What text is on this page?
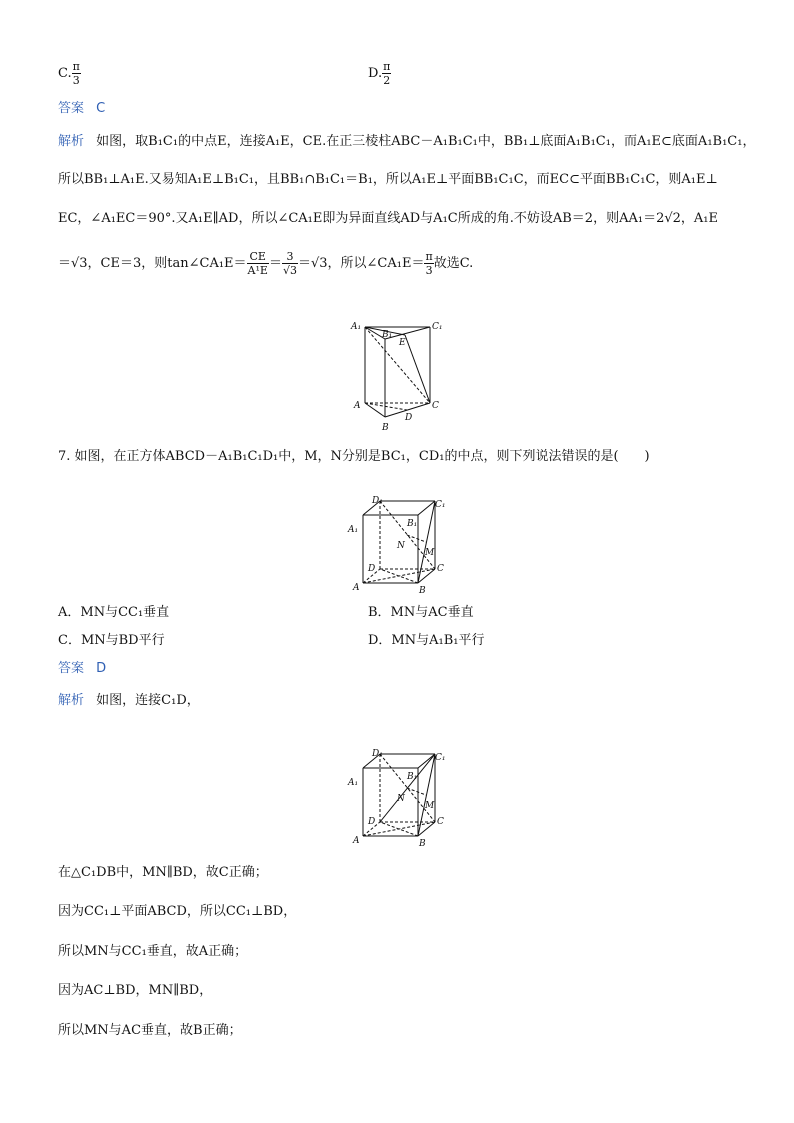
C. $\frac{\pi}{3}$	D. $\frac{\pi}{2}$
答案 C
解析 如图，取B₁C₁的中点E，连接A₁E，CE.在正三棱柱ABC－A₁B₁C₁中，BB₁⊥底面A₁B₁C₁，而A₁E⊂底面A₁B₁C₁，
所以BB₁⊥A₁E.又易知A₁E⊥B₁C₁，且BB₁∩B₁C₁＝B₁，所以A₁E⊥平面BB₁C₁C，而EC⊂平面BB₁C₁C，则A₁E⊥
EC，∠A₁EC＝90°.又A₁E∥AD，所以∠CA₁E即为异面直线AD与A₁C所成的角.不妨设AB＝2，则AA₁＝2√2，A₁E
＝√3，CE＝3，则tan∠CA₁E＝ $\frac{CE}{\text{A¹E}} = \frac{3}{√3} =√3$，所以∠CA₁E＝ $\frac{\pi}{3}$ 故选C.
A₁	C₁
B₁
E
A	C
D
B
7. 如图，在正方体ABCD－A₁B₁C₁D₁中，M，N分别是BC₁，CD₁的中点，则下列说法错误的是(　　)
D₁	C₁
A₁
B₁
N
M
D	C
A	B
A．MN与CC₁垂直	B．MN与AC垂直
C．MN与BD平行	D．MN与A₁B₁平行
答案 D
解析 如图，连接C₁D，
D₁	C₁
A₁
B₁
N
M
D	C
A	B
在△C₁DB中，MN∥BD，故C正确；
因为CC₁⊥平面ABCD，所以CC₁⊥BD，
所以MN与CC₁垂直，故A正确；
因为AC⊥BD，MN∥BD，
所以MN与AC垂直，故B正确；
